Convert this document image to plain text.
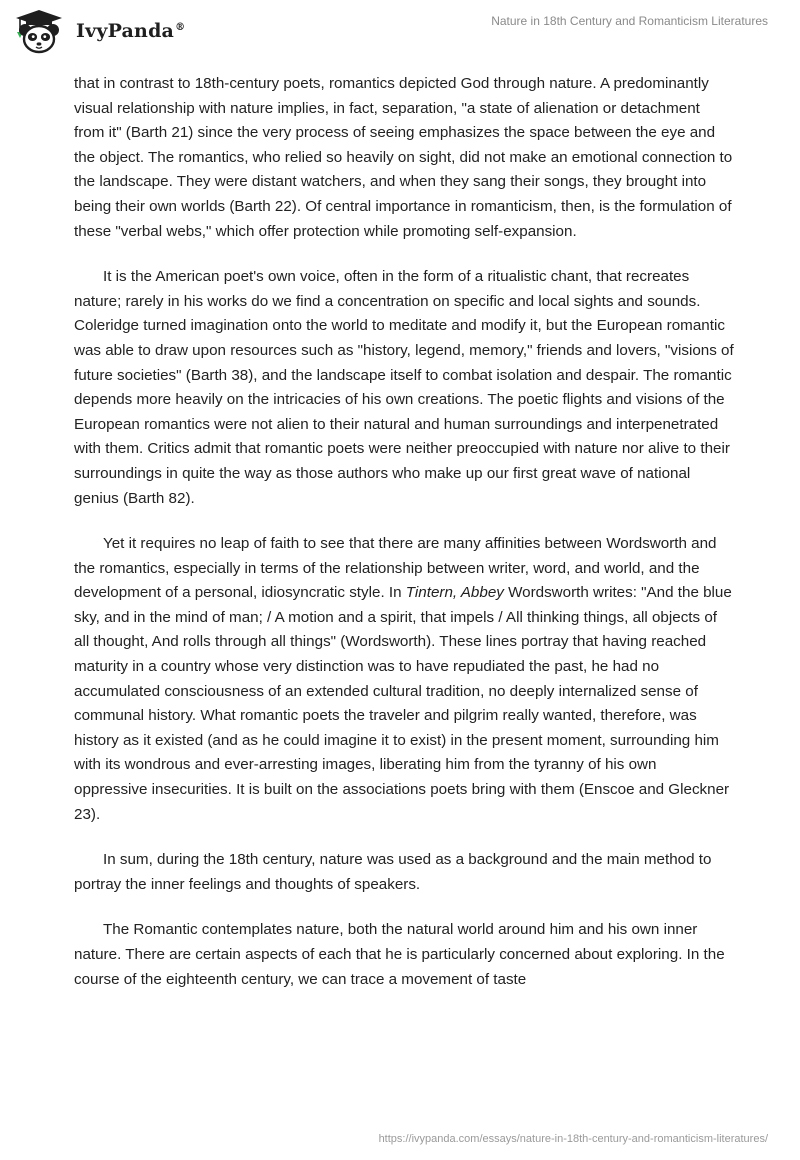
IvyPanda®	Nature in 18th Century and Romanticism Literatures

that in contrast to 18th-century poets, romantics depicted God through nature. A predominantly visual relationship with nature implies, in fact, separation, "a state of alienation or detachment from it" (Barth 21) since the very process of seeing emphasizes the space between the eye and the object. The romantics, who relied so heavily on sight, did not make an emotional connection to the landscape. They were distant watchers, and when they sang their songs, they brought into being their own worlds (Barth 22). Of central importance in romanticism, then, is the formulation of these "verbal webs," which offer protection while promoting self-expansion.

It is the American poet's own voice, often in the form of a ritualistic chant, that recreates nature; rarely in his works do we find a concentration on specific and local sights and sounds. Coleridge turned imagination onto the world to meditate and modify it, but the European romantic was able to draw upon resources such as "history, legend, memory," friends and lovers, "visions of future societies" (Barth 38), and the landscape itself to combat isolation and despair. The romantic depends more heavily on the intricacies of his own creations. The poetic flights and visions of the European romantics were not alien to their natural and human surroundings and interpenetrated with them. Critics admit that romantic poets were neither preoccupied with nature nor alive to their surroundings in quite the way as those authors who make up our first great wave of national genius (Barth 82).

Yet it requires no leap of faith to see that there are many affinities between Wordsworth and the romantics, especially in terms of the relationship between writer, word, and world, and the development of a personal, idiosyncratic style. In Tintern, Abbey Wordsworth writes: "And the blue sky, and in the mind of man; / A motion and a spirit, that impels / All thinking things, all objects of all thought, And rolls through all things" (Wordsworth). These lines portray that having reached maturity in a country whose very distinction was to have repudiated the past, he had no accumulated consciousness of an extended cultural tradition, no deeply internalized sense of communal history. What romantic poets the traveler and pilgrim really wanted, therefore, was history as it existed (and as he could imagine it to exist) in the present moment, surrounding him with its wondrous and ever-arresting images, liberating him from the tyranny of his own oppressive insecurities. It is built on the associations poets bring with them (Enscoe and Gleckner 23).

In sum, during the 18th century, nature was used as a background and the main method to portray the inner feelings and thoughts of speakers.

The Romantic contemplates nature, both the natural world around him and his own inner nature. There are certain aspects of each that he is particularly concerned about exploring. In the course of the eighteenth century, we can trace a movement of taste

https://ivypanda.com/essays/nature-in-18th-century-and-romanticism-literatures/
